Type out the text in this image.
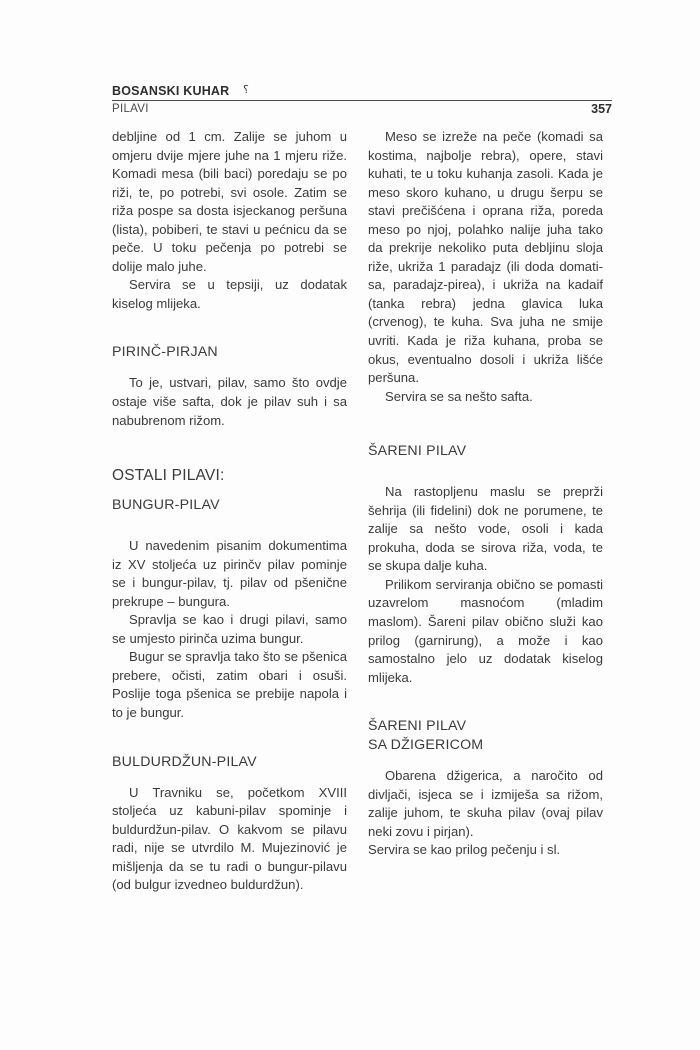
BOSANSKI KUHAR ⸮
PILAVI	357

debljine od 1 cm. Zalije se juhom u omjeru dvije mjere juhe na 1 mjeru riže. Komadi mesa (bili baci) poredaju se po riži, te, po potrebi, svi osole. Zatim se riža pospe sa dosta isjeckanog peršuna (lista), pobiberi, te stavi u pećnicu da se peče. U toku pečenja po potrebi se dolije malo juhe.

Servira se u tepsiji, uz dodatak kiselog mlijeka.

PIRINČ-PIRJAN

To je, ustvari, pilav, samo što ovdje ostaje više safta, dok je pilav suh i sa nabubrenom rižom.

OSTALI PILAVI:
BUNGUR-PILAV

U navedenim pisanim dokumentima iz XV stoljeća uz pirinčv pilav pominje se i bungur-pilav, tj. pilav od pšenične prekrupe – bungura.

Spravlja se kao i drugi pilavi, samo se umjesto pirinča uzima bungur.

Bugur se spravlja tako što se pšenica prebere, očisti, zatim obari i osuši. Poslije toga pšenica se prebije napola i to je bungur.

BULDURDŽUN-PILAV

U Travniku se, početkom XVIII stoljeća uz kabuni-pilav spominje i buldurdžun-pilav. O kakvom se pilavu radi, nije se utvrdilo M. Mujezinović je mišljenja da se tu radi o bungur-pilavu (od bulgur izvedneo buldurdžun).

Meso se izreže na peče (komadi sa kostima, najbolje rebra), opere, stavi kuhati, te u toku kuhanja zasoli. Kada je meso skoro kuhano, u drugu šerpu se stavi prečišćena i oprana riža, poreda meso po njoj, polahko nalije juha tako da prekrije nekoliko puta debljinu sloja riže, ukriža 1 paradajz (ili doda domati-sa, paradajz-pirea), i ukriža na kadaif (tanka rebra) jedna glavica luka (crvenog), te kuha. Sva juha ne smije uvriti. Kada je riža kuhana, proba se okus, eventualno dosoli i ukriža lišće peršuna.

Servira se sa nešto safta.

ŠARENI PILAV

Na rastopljenu maslu se preprži šehrija (ili fidelini) dok ne porumene, te zalije sa nešto vode, osoli i kada prokuha, doda se sirova riža, voda, te se skupa dalje kuha.

Prilikom serviranja obično se pomasti uzavrelom masnoćom (mladim maslom). Šareni pilav obično služi kao prilog (garnirung), a može i kao samostalno jelo uz dodatak kiselog mlijeka.

ŠARENI PILAV
SA DŽIGERICOM

Obarena džigerica, a naročito od divljači, isjeca se i izmiješa sa rižom, zalije juhom, te skuha pilav (ovaj pilav neki zovu i pirjan).

Servira se kao prilog pečenju i sl.
